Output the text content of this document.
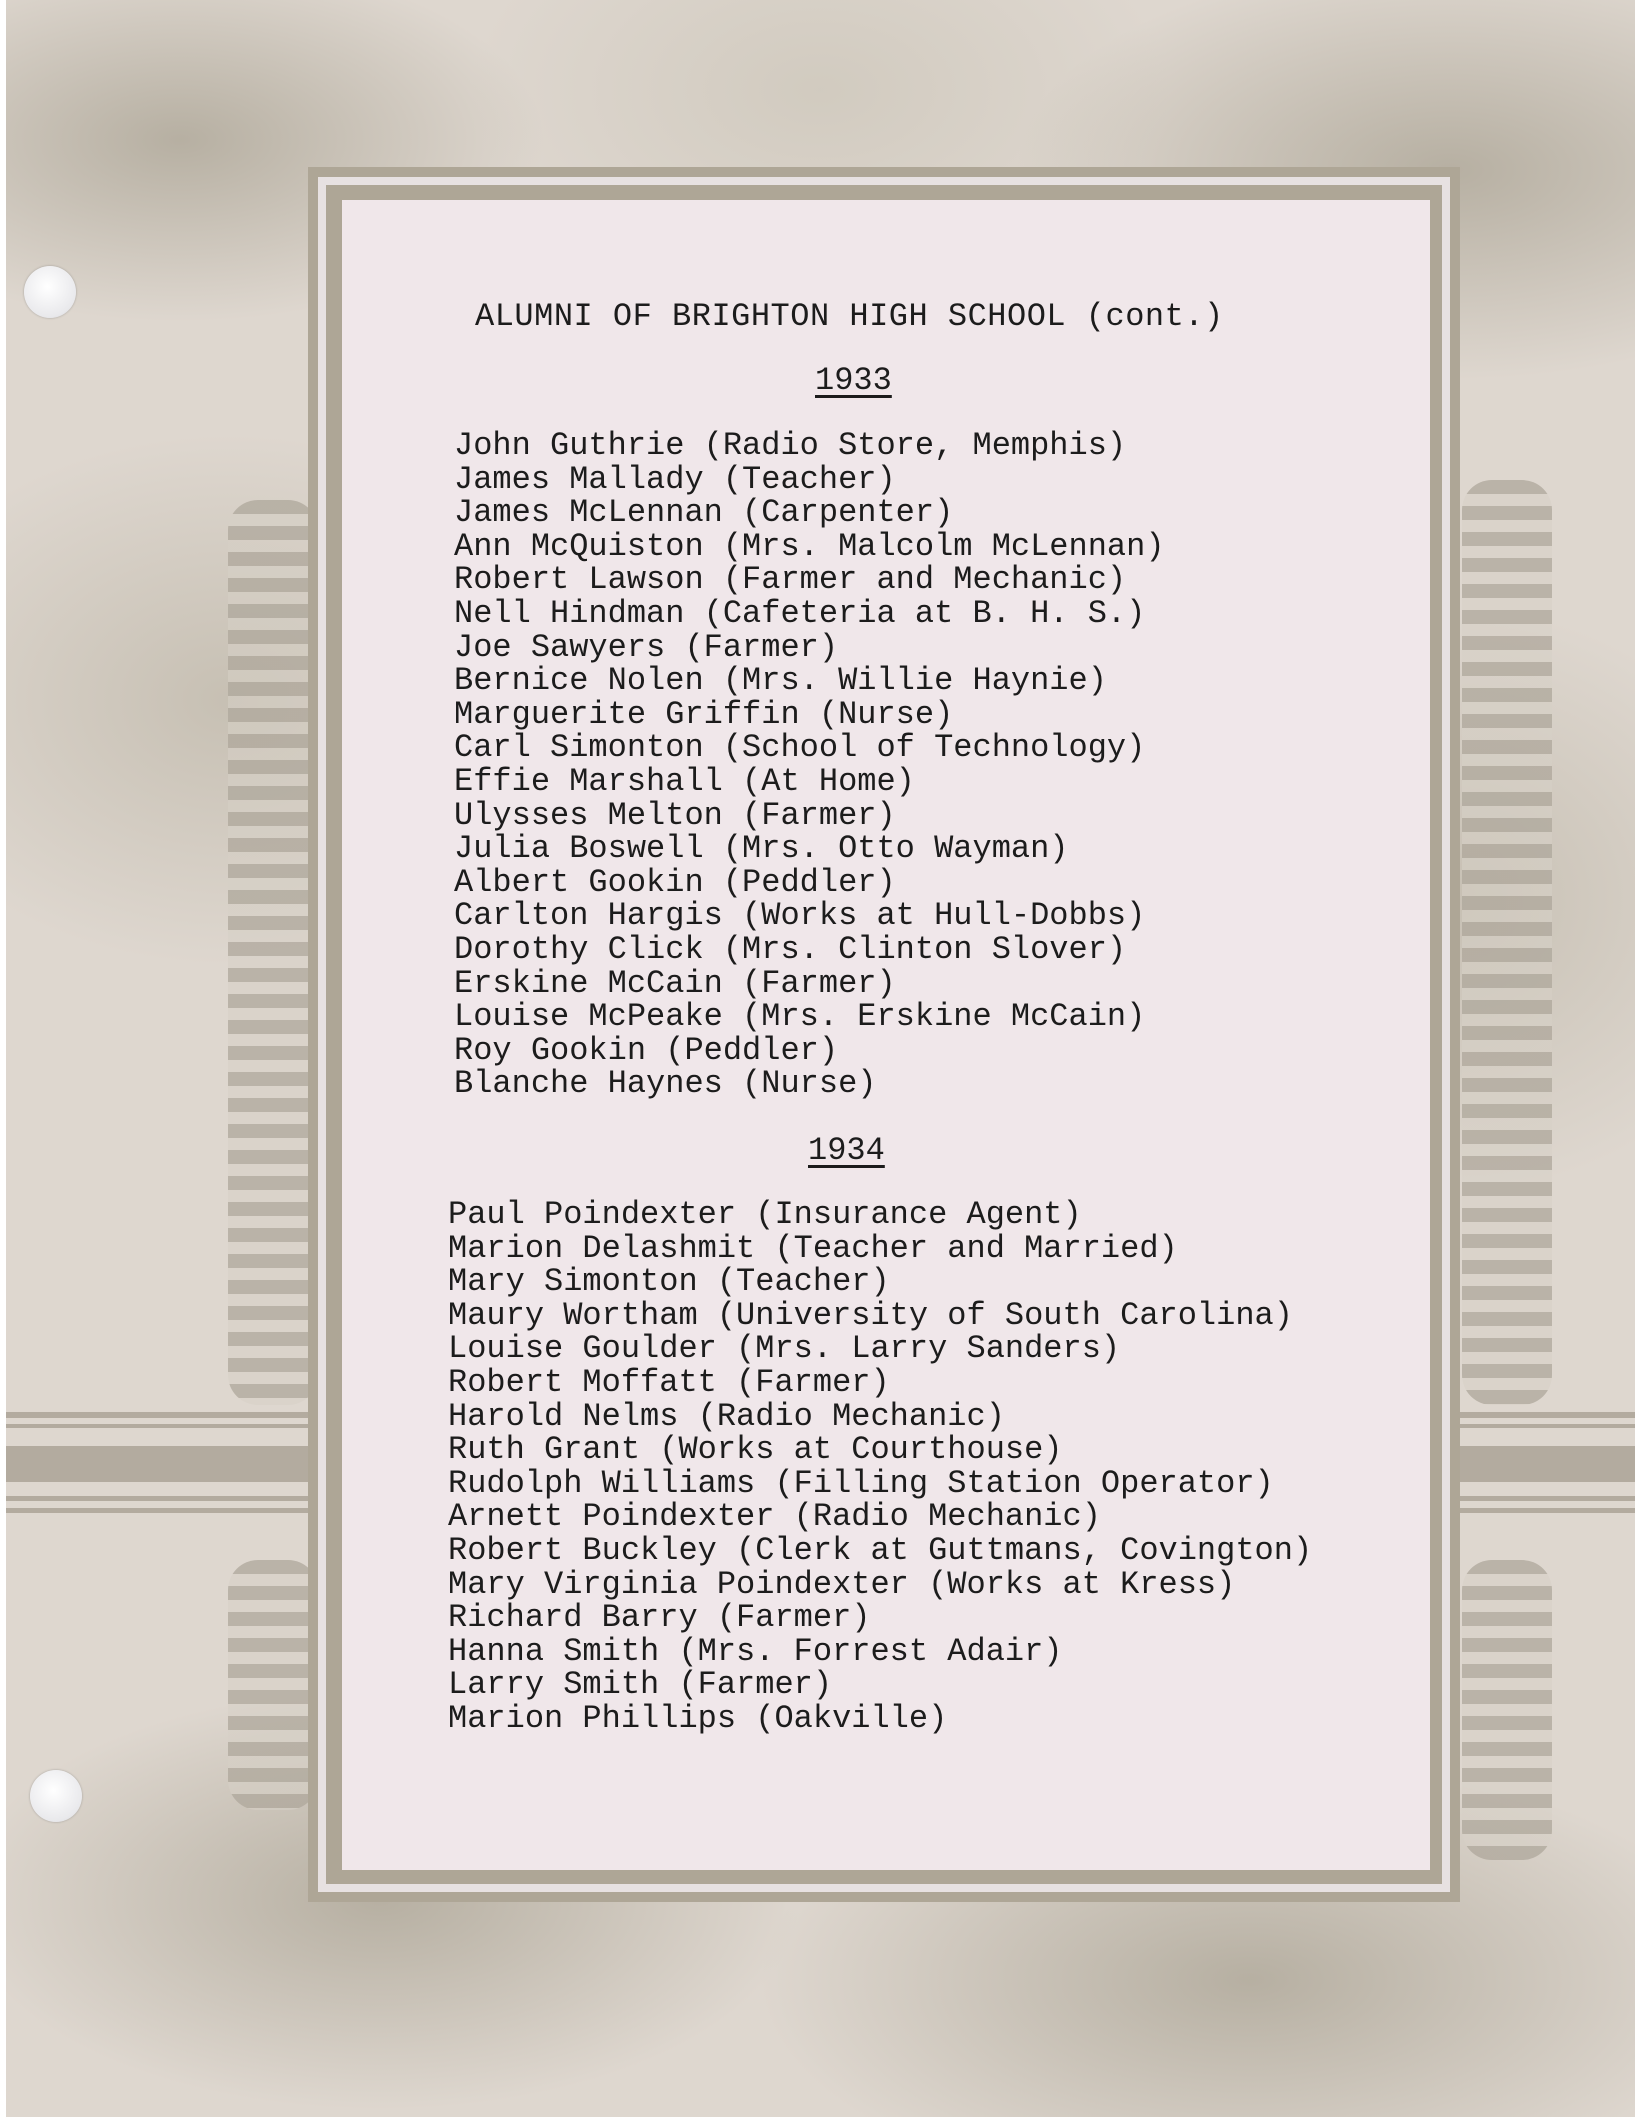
ALUMNI OF BRIGHTON HIGH SCHOOL (cont.)
1933
John Guthrie (Radio Store, Memphis)
James Mallady (Teacher)
James McLennan (Carpenter)
Ann McQuiston (Mrs. Malcolm McLennan)
Robert Lawson (Farmer and Mechanic)
Nell Hindman (Cafeteria at B. H. S.)
Joe Sawyers (Farmer)
Bernice Nolen (Mrs. Willie Haynie)
Marguerite Griffin (Nurse)
Carl Simonton (School of Technology)
Effie Marshall (At Home)
Ulysses Melton (Farmer)
Julia Boswell (Mrs. Otto Wayman)
Albert Gookin (Peddler)
Carlton Hargis (Works at Hull-Dobbs)
Dorothy Click (Mrs. Clinton Slover)
Erskine McCain (Farmer)
Louise McPeake (Mrs. Erskine McCain)
Roy Gookin (Peddler)
Blanche Haynes (Nurse)
1934
Paul Poindexter (Insurance Agent)
Marion Delashmit (Teacher and Married)
Mary Simonton (Teacher)
Maury Wortham (University of South Carolina)
Louise Goulder (Mrs. Larry Sanders)
Robert Moffatt (Farmer)
Harold Nelms (Radio Mechanic)
Ruth Grant (Works at Courthouse)
Rudolph Williams (Filling Station Operator)
Arnett Poindexter (Radio Mechanic)
Robert Buckley (Clerk at Guttmans, Covington)
Mary Virginia Poindexter (Works at Kress)
Richard Barry (Farmer)
Hanna Smith (Mrs. Forrest Adair)
Larry Smith (Farmer)
Marion Phillips (Oakville)
